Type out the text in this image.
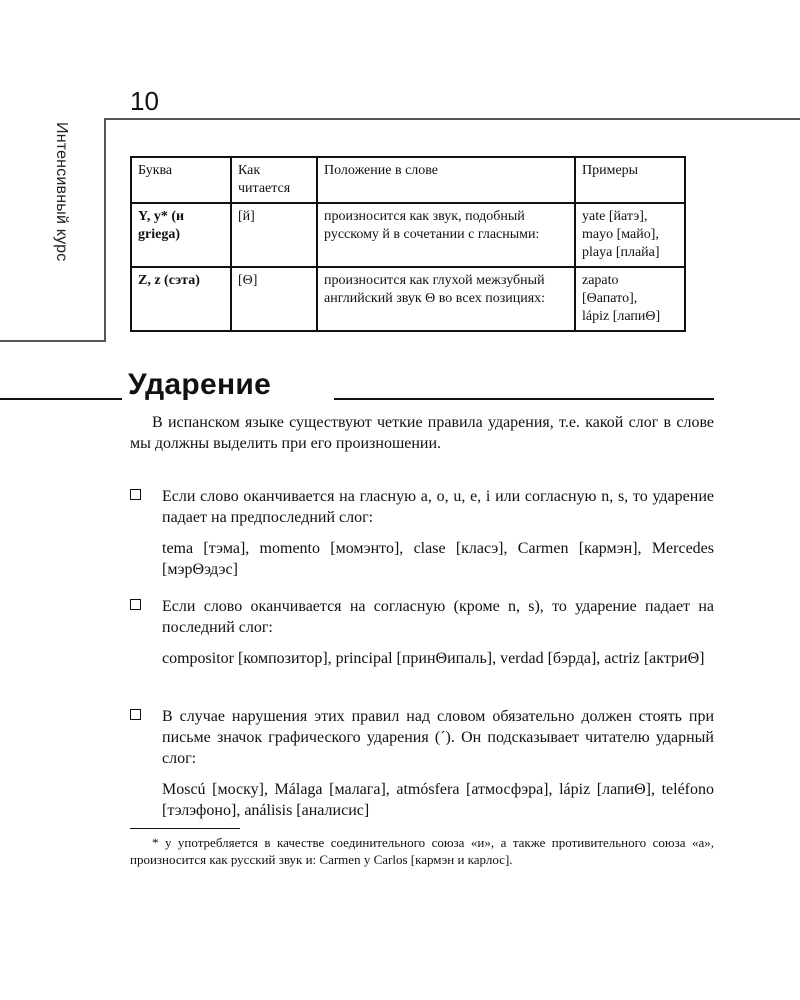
10
Интенсивный курс	Буква	Как читается	Положение в слове	Примеры
Y, y* (и griega)	[й]	произносится как звук, подобный русскому й в сочетании с гласными:	yate [йатэ],
mayo [майо],
playa [плайа]

Z, z (сэта)	[Θ]	произносится как глухой межзубный английский звук Θ во всех позициях:	zapato
[Θапато],
lápiz [лапиΘ]
Ударение
В испанском языке существуют четкие правила ударения, т.е. какой слог в слове мы должны выделить при его произношении.
Если слово оканчивается на гласную a, o, u, e, i или согласную n, s, то ударение падает на предпоследний слог:
tema [тэма], momento [момэнто], clase [класэ], Carmen [кармэн], Mercedes [мэрΘэдэс]
Если слово оканчивается на согласную (кроме n, s), то ударение падает на последний слог:
compositor [композитор], principal [принΘипаль], verdad [бэрда], actriz [актриΘ]
В случае нарушения этих правил над словом обязательно должен стоять при письме значок графического ударения (´). Он подсказывает читателю ударный слог:
Moscú [моску], Málaga [малага], atmósfera [атмосфэра], lápiz [лапиΘ], teléfono [тэлэфоно], análisis [аналисис]
* y употребляется в качестве соединительного союза «и», а также противительного союза «а», произносится как русский звук и: Carmen y Carlos [кармэн и карлос].
